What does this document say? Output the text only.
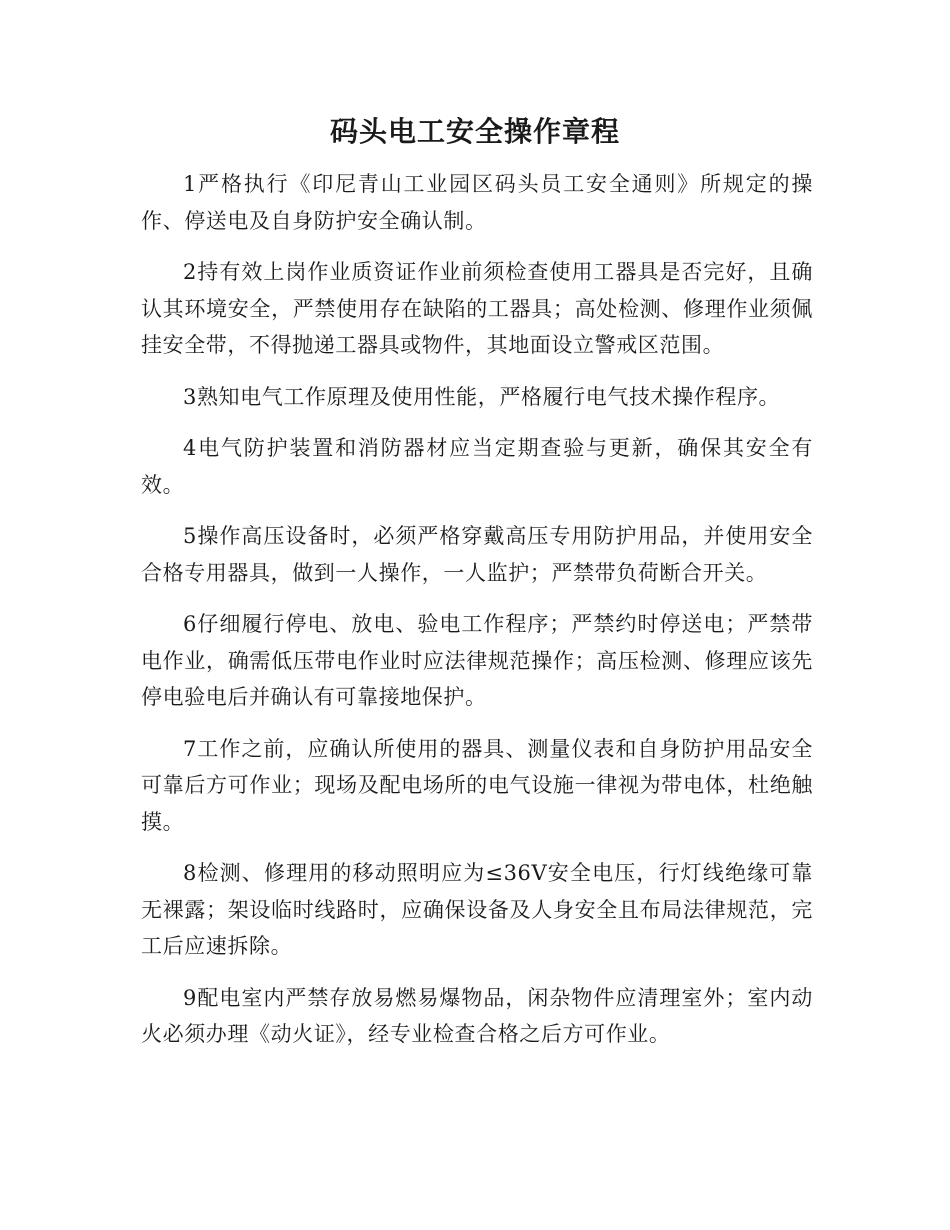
码头电工安全操作章程

1严格执行《印尼青山工业园区码头员工安全通则》所规定的操作、停送电及自身防护安全确认制。

2持有效上岗作业质资证作业前须检查使用工器具是否完好，且确认其环境安全，严禁使用存在缺陷的工器具；高处检测、修理作业须佩挂安全带，不得抛递工器具或物件，其地面设立警戒区范围。

3熟知电气工作原理及使用性能，严格履行电气技术操作程序。

4电气防护装置和消防器材应当定期查验与更新，确保其安全有效。

5操作高压设备时，必须严格穿戴高压专用防护用品，并使用安全合格专用器具，做到一人操作，一人监护；严禁带负荷断合开关。

6仔细履行停电、放电、验电工作程序；严禁约时停送电；严禁带电作业，确需低压带电作业时应法律规范操作；高压检测、修理应该先停电验电后并确认有可靠接地保护。

7工作之前，应确认所使用的器具、测量仪表和自身防护用品安全可靠后方可作业；现场及配电场所的电气设施一律视为带电体，杜绝触摸。

8检测、修理用的移动照明应为≤36V安全电压，行灯线绝缘可靠无裸露；架设临时线路时，应确保设备及人身安全且布局法律规范，完工后应速拆除。

9配电室内严禁存放易燃易爆物品，闲杂物件应清理室外；室内动火必须办理《动火证》，经专业检查合格之后方可作业。
